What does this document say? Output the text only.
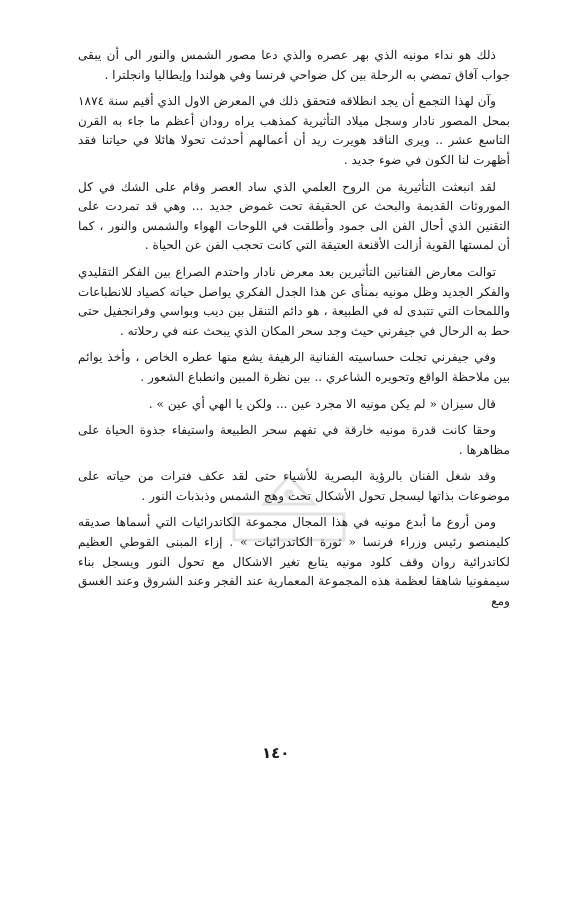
ذلك هو نداء مونيه الذي بهر عصره والذي دعا مصور الشمس والنور الى أن يبقى جواب آفاق تمضي به الرحلة بين كل ضواحي فرنسا وفي هولندا وإيطاليا وانجلترا .

وآن لهذا التجمع أن يجد انطلاقه فتحقق ذلك في المعرض الاول الذي أقيم سنة ١٨٧٤ بمحل المصور نادار وسجل ميلاد التأثيرية كمذهب يراه رودان أعظم ما جاء به القرن التاسع عشر .. ويرى الناقد هويرت ريد أن أعمالهم أحدثت تحولا هائلا في حياتنا فقد أظهرت لنا الكون في ضوء جديد .

لقد انبعثت التأثيرية من الروح العلمي الذي ساد العصر وقام على الشك في كل الموروثات القديمة والبحث عن الحقيقة تحت غموض جديد ... وهي قد تمردت على التقنين الذي أحال الفن الى جمود وأطلقت في اللوحات الهواء والشمس والنور ، كما أن لمستها القوية أزالت الأقنعة العتيقة التي كانت تحجب الفن عن الحياة .

توالت معارض الفنانين التأثيرين بعد معرض نادار واحتدم الصراع بين الفكر التقليدي والفكر الجديد وظل مونيه بمنأى عن هذا الجدل الفكري يواصل حياته كصياد للانطباعات واللمحات التي تتبدى له في الطبيعة ، هو دائم التنقل بين ديب وبواسي وفرانجفيل حتى حط به الرحال في جيفرني حيث وجد سحر المكان الذي يبحث عنه في رحلاته .

وفي جيفرني تجلت حساسيته الفنانية الرهيفة يشع منها عطره الخاص ، وأخذ يوائم بين ملاحظة الواقع وتحويره الشاعري .. بين نظرة المبين وانطباع الشعور .

قال سيزان « لم يكن مونيه الا مجرد عين ... ولكن يا الهي أي عين » .

وحقا كانت قدرة مونيه خارقة في تفهم سحر الطبيعة واستيفاء جذوة الحياة على مظاهرها .

وقد شغل الفنان بالرؤية البصرية للأشياء حتى لقد عكف فترات من حياته على موضوعات بذاتها ليسجل تحول الأشكال تحت وهج الشمس وذبذبات النور .

ومن أروع ما أبدع مونيه في هذا المجال مجموعة الكاتدرائيات التي أسماها صديقه كليمنصو رئيس وزراء فرنسا « ثورة الكاتدرائيات » . إزاء المبنى القوطي العظيم لكاتدرائية روان وقف كلود مونيه يتابع تغير الاشكال مع تحول النور ويسجل بناء سيمفونيا شاهقا لعظمة هذه المجموعة المعمارية عند الفجر وعند الشروق وعند الغسق ومع

١٤٠
